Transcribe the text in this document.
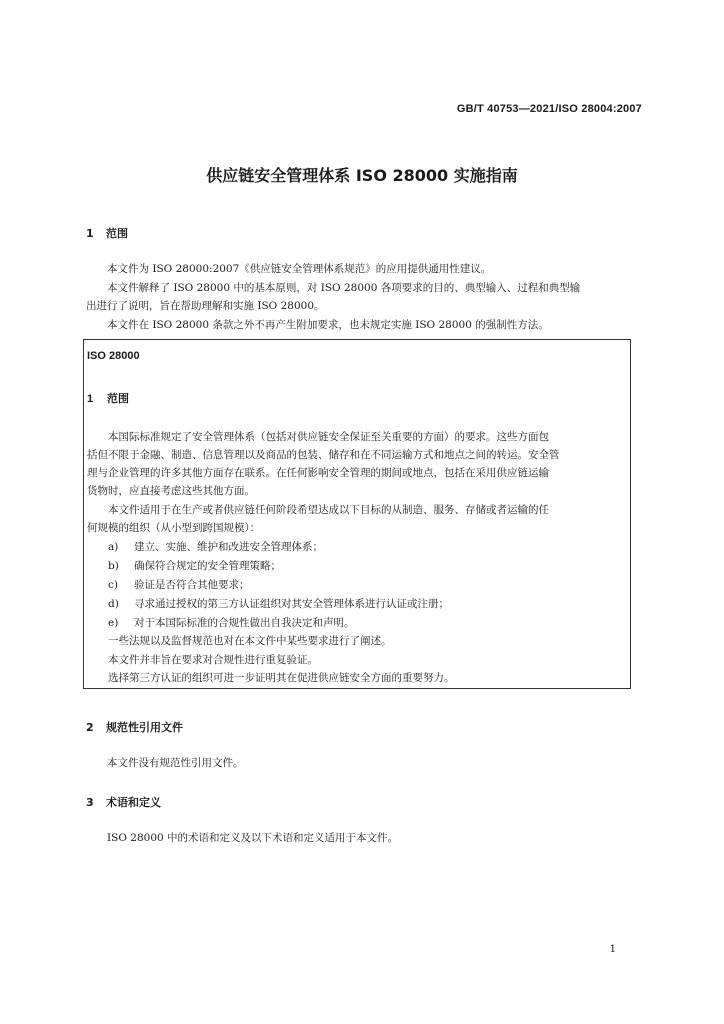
GB/T 40753—2021/ISO 28004:2007
供应链安全管理体系 ISO 28000 实施指南
1 范围
本文件为 ISO 28000:2007《供应链安全管理体系规范》的应用提供通用性建议。
本文件解释了 ISO 28000 中的基本原则，对 ISO 28000 各项要求的目的、典型输入、过程和典型输
出进行了说明，旨在帮助理解和实施 ISO 28000。
本文件在 ISO 28000 条款之外不再产生附加要求，也未规定实施 ISO 28000 的强制性方法。
ISO 28000
1 范围
本国际标准规定了安全管理体系（包括对供应链安全保证至关重要的方面）的要求。这些方面包
括但不限于金融、制造、信息管理以及商品的包装、储存和在不同运输方式和地点之间的转运。安全管
理与企业管理的许多其他方面存在联系。在任何影响安全管理的期间或地点，包括在采用供应链运输
货物时，应直接考虑这些其他方面。
本文件适用于在生产或者供应链任何阶段希望达成以下目标的从制造、服务、存储或者运输的任
何规模的组织（从小型到跨国规模）：
a) 建立、实施、维护和改进安全管理体系；
b) 确保符合规定的安全管理策略；
c) 验证是否符合其他要求；
d) 寻求通过授权的第三方认证组织对其安全管理体系进行认证或注册；
e) 对于本国际标准的合规性做出自我决定和声明。
一些法规以及监督规范也对在本文件中某些要求进行了阐述。
本文件并非旨在要求对合规性进行重复验证。
选择第三方认证的组织可进一步证明其在促进供应链安全方面的重要努力。
2 规范性引用文件
本文件没有规范性引用文件。
3 术语和定义
ISO 28000 中的术语和定义及以下术语和定义适用于本文件。
1
